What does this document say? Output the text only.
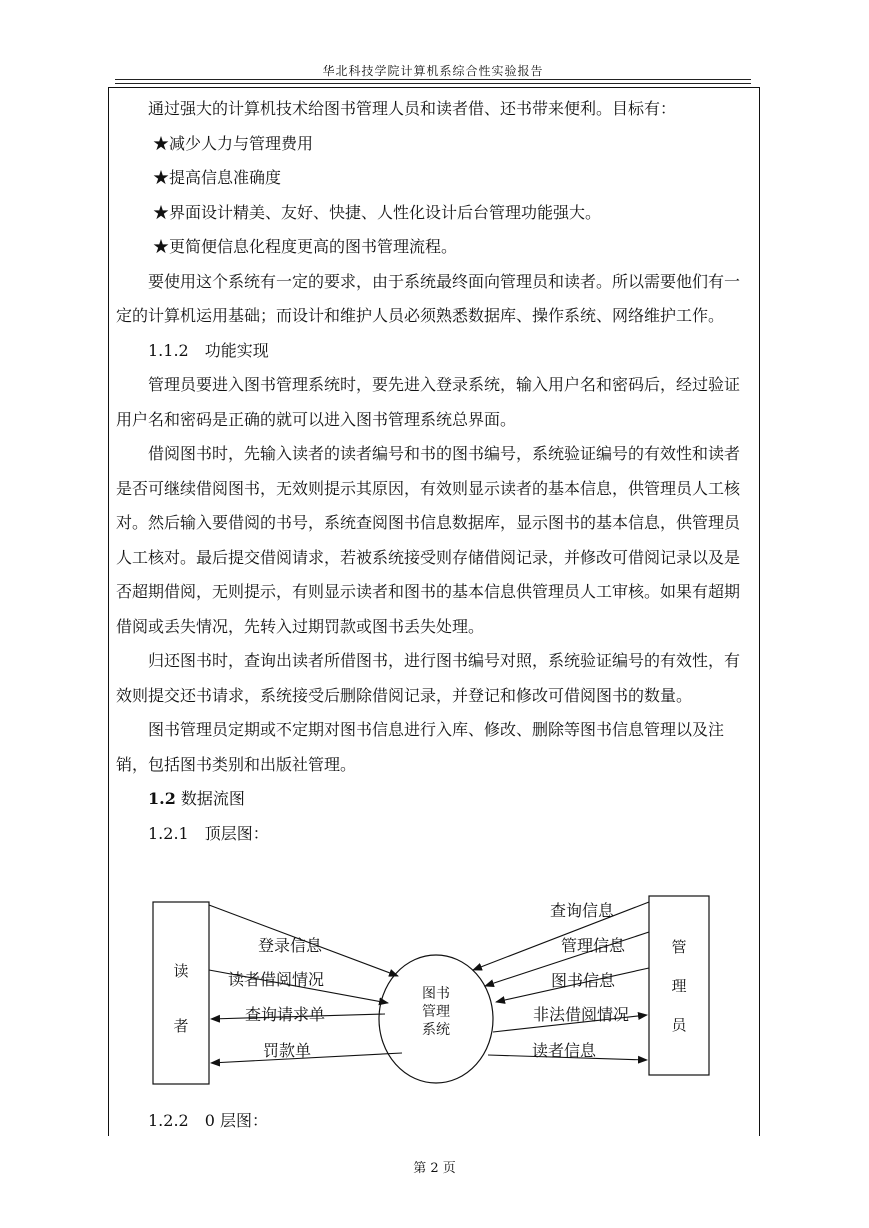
华北科技学院计算机系综合性实验报告

通过强大的计算机技术给图书管理人员和读者借、还书带来便利。目标有：

★减少人力与管理费用

★提高信息准确度

★界面设计精美、友好、快捷、人性化设计后台管理功能强大。

★更简便信息化程度更高的图书管理流程。

要使用这个系统有一定的要求，由于系统最终面向管理员和读者。所以需要他们有一定的计算机运用基础；而设计和维护人员必须熟悉数据库、操作系统、网络维护工作。

1.1.2　功能实现

管理员要进入图书管理系统时，要先进入登录系统，输入用户名和密码后，经过验证用户名和密码是正确的就可以进入图书管理系统总界面。

借阅图书时，先输入读者的读者编号和书的图书编号，系统验证编号的有效性和读者是否可继续借阅图书，无效则提示其原因，有效则显示读者的基本信息，供管理员人工核对。然后输入要借阅的书号，系统查阅图书信息数据库，显示图书的基本信息，供管理员人工核对。最后提交借阅请求，若被系统接受则存储借阅记录，并修改可借阅记录以及是否超期借阅，无则提示，有则显示读者和图书的基本信息供管理员人工审核。如果有超期借阅或丢失情况，先转入过期罚款或图书丢失处理。

归还图书时，查询出读者所借图书，进行图书编号对照，系统验证编号的有效性，有效则提交还书请求，系统接受后删除借阅记录，并登记和修改可借阅图书的数量。

图书管理员定期或不定期对图书信息进行入库、修改、删除等图书信息管理以及注销，包括图书类别和出版社管理。

1.2 数据流图

1.2.1　顶层图：

读
者
管
理
员
图书
管理
系统
登录信息
读者借阅情况
查询请求单
罚款单
查询信息
管理信息
图书信息
非法借阅情况
读者信息
1.2.2　0 层图：
第 2 页
